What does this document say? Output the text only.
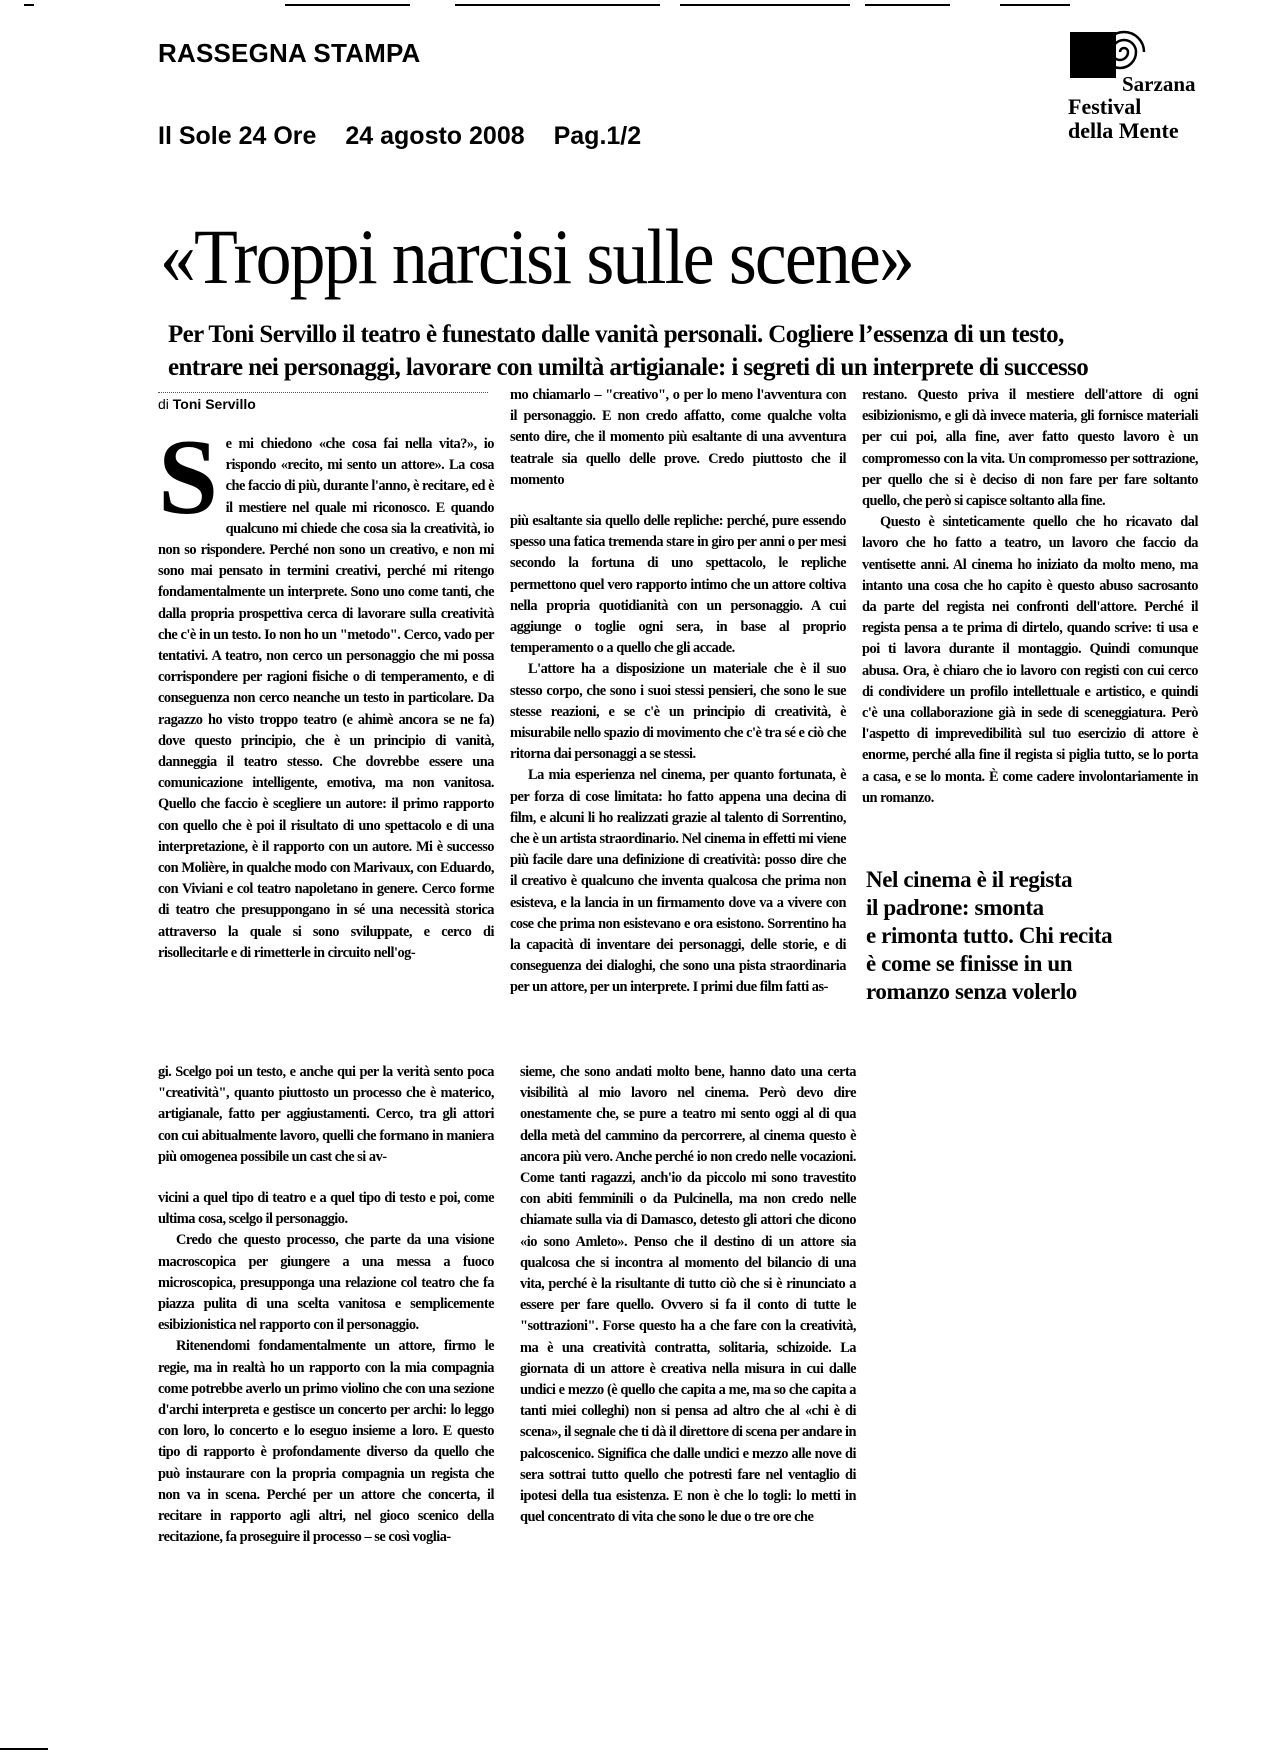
RASSEGNA STAMPA
Il Sole 24 Ore 24 agosto 2008 Pag.1/2
Sarzana
Festival
della Mente
«Troppi narcisi sulle scene»
Per Toni Servillo il teatro è funestato dalle vanità personali. Cogliere l’essenza di un testo,
entrare nei personaggi, lavorare con umiltà artigianale: i segreti di un interprete di successo
di Toni Servillo
S e mi chiedono «che cosa fai nella vita?», io rispondo «recito, mi sento un attore». La cosa che faccio di più, durante l'anno, è recitare, ed è il mestiere nel quale mi riconosco. E quando qualcuno mi chiede che cosa sia la creatività, io non so rispondere. Perché non sono un creativo, e non mi sono mai pensato in termini creativi, perché mi ritengo fondamentalmente un interprete. Sono uno come tanti, che dalla propria prospettiva cerca di lavorare sulla creatività che c'è in un testo. Io non ho un "metodo". Cerco, vado per tentativi. A teatro, non cerco un personaggio che mi possa corrispondere per ragioni fisiche o di temperamento, e di conseguenza non cerco neanche un testo in particolare. Da ragazzo ho visto troppo teatro (e ahimè ancora se ne fa) dove questo principio, che è un principio di vanità, danneggia il teatro stesso. Che dovrebbe essere una comunicazione intelligente, emotiva, ma non vanitosa. Quello che faccio è scegliere un autore: il primo rapporto con quello che è poi il risultato di uno spettacolo e di una interpretazione, è il rapporto con un autore. Mi è successo con Molière, in qualche modo con Marivaux, con Eduardo, con Viviani e col teatro napoletano in genere. Cerco forme di teatro che presuppongano in sé una necessità storica attraverso la quale si sono sviluppate, e cerco di risollecitarle e di rimetterle in circuito nell'og-

mo chiamarlo – "creativo", o per lo meno l'avventura con il personaggio. E non credo affatto, come qualche volta sento dire, che il momento più esaltante di una avventura teatrale sia quello delle prove. Credo piuttosto che il momento

più esaltante sia quello delle repliche: perché, pure essendo spesso una fatica tremenda stare in giro per anni o per mesi secondo la fortuna di uno spettacolo, le repliche permettono quel vero rapporto intimo che un attore coltiva nella propria quotidianità con un personaggio. A cui aggiunge o toglie ogni sera, in base al proprio temperamento o a quello che gli accade.

L'attore ha a disposizione un materiale che è il suo stesso corpo, che sono i suoi stessi pensieri, che sono le sue stesse reazioni, e se c'è un principio di creatività, è misurabile nello spazio di movimento che c'è tra sé e ciò che ritorna dai personaggi a se stessi.

La mia esperienza nel cinema, per quanto fortunata, è per forza di cose limitata: ho fatto appena una decina di film, e alcuni li ho realizzati grazie al talento di Sorrentino, che è un artista straordinario. Nel cinema in effetti mi viene più facile dare una definizione di creatività: posso dire che il creativo è qualcuno che inventa qualcosa che prima non esisteva, e la lancia in un firmamento dove va a vivere con cose che prima non esistevano e ora esistono. Sorrentino ha la capacità di inventare dei personaggi, delle storie, e di conseguenza dei dialoghi, che sono una pista straordinaria per un attore, per un interprete. I primi due film fatti as-

restano. Questo priva il mestiere dell'attore di ogni esibizionismo, e gli dà invece materia, gli fornisce materiali per cui poi, alla fine, aver fatto questo lavoro è un compromesso con la vita. Un compromesso per sottrazione, per quello che si è deciso di non fare per fare soltanto quello, che però si capisce soltanto alla fine.

Questo è sinteticamente quello che ho ricavato dal lavoro che ho fatto a teatro, un lavoro che faccio da ventisette anni. Al cinema ho iniziato da molto meno, ma intanto una cosa che ho capito è questo abuso sacrosanto da parte del regista nei confronti dell'attore. Perché il regista pensa a te prima di dirtelo, quando scrive: ti usa e poi ti lavora durante il montaggio. Quindi comunque abusa. Ora, è chiaro che io lavoro con registi con cui cerco di condividere un profilo intellettuale e artistico, e quindi c'è una collaborazione già in sede di sceneggiatura. Però l'aspetto di imprevedibilità sul tuo esercizio di attore è enorme, perché alla fine il regista si piglia tutto, se lo porta a casa, e se lo monta. È come cadere involontariamente in un romanzo.

Nel cinema è il regista
il padrone: smonta
e rimonta tutto. Chi recita
è come se finisse in un
romanzo senza volerlo

gi. Scelgo poi un testo, e anche qui per la verità sento poca "creatività", quanto piuttosto un processo che è materico, artigianale, fatto per aggiustamenti. Cerco, tra gli attori con cui abitualmente lavoro, quelli che formano in maniera più omogenea possibile un cast che si av-

vicini a quel tipo di teatro e a quel tipo di testo e poi, come ultima cosa, scelgo il personaggio.

Credo che questo processo, che parte da una visione macroscopica per giungere a una messa a fuoco microscopica, presupponga una relazione col teatro che fa piazza pulita di una scelta vanitosa e semplicemente esibizionistica nel rapporto con il personaggio.

Ritenendomi fondamentalmente un attore, firmo le regie, ma in realtà ho un rapporto con la mia compagnia come potrebbe averlo un primo violino che con una sezione d'archi interpreta e gestisce un concerto per archi: lo leggo con loro, lo concerto e lo eseguo insieme a loro. E questo tipo di rapporto è profondamente diverso da quello che può instaurare con la propria compagnia un regista che non va in scena. Perché per un attore che concerta, il recitare in rapporto agli altri, nel gioco scenico della recitazione, fa proseguire il processo – se così voglia-

sieme, che sono andati molto bene, hanno dato una certa visibilità al mio lavoro nel cinema. Però devo dire onestamente che, se pure a teatro mi sento oggi al di qua della metà del cammino da percorrere, al cinema questo è ancora più vero. Anche perché io non credo nelle vocazioni. Come tanti ragazzi, anch'io da piccolo mi sono travestito con abiti femminili o da Pulcinella, ma non credo nelle chiamate sulla via di Damasco, detesto gli attori che dicono «io sono Amleto». Penso che il destino di un attore sia qualcosa che si incontra al momento del bilancio di una vita, perché è la risultante di tutto ciò che si è rinunciato a essere per fare quello. Ovvero si fa il conto di tutte le "sottrazioni". Forse questo ha a che fare con la creatività, ma è una creatività contratta, solitaria, schizoide. La giornata di un attore è creativa nella misura in cui dalle undici e mezzo (è quello che capita a me, ma so che capita a tanti miei colleghi) non si pensa ad altro che al «chi è di scena», il segnale che ti dà il direttore di scena per andare in palcoscenico. Significa che dalle undici e mezzo alle nove di sera sottrai tutto quello che potresti fare nel ventaglio di ipotesi della tua esistenza. E non è che lo togli: lo metti in quel concentrato di vita che sono le due o tre ore che
